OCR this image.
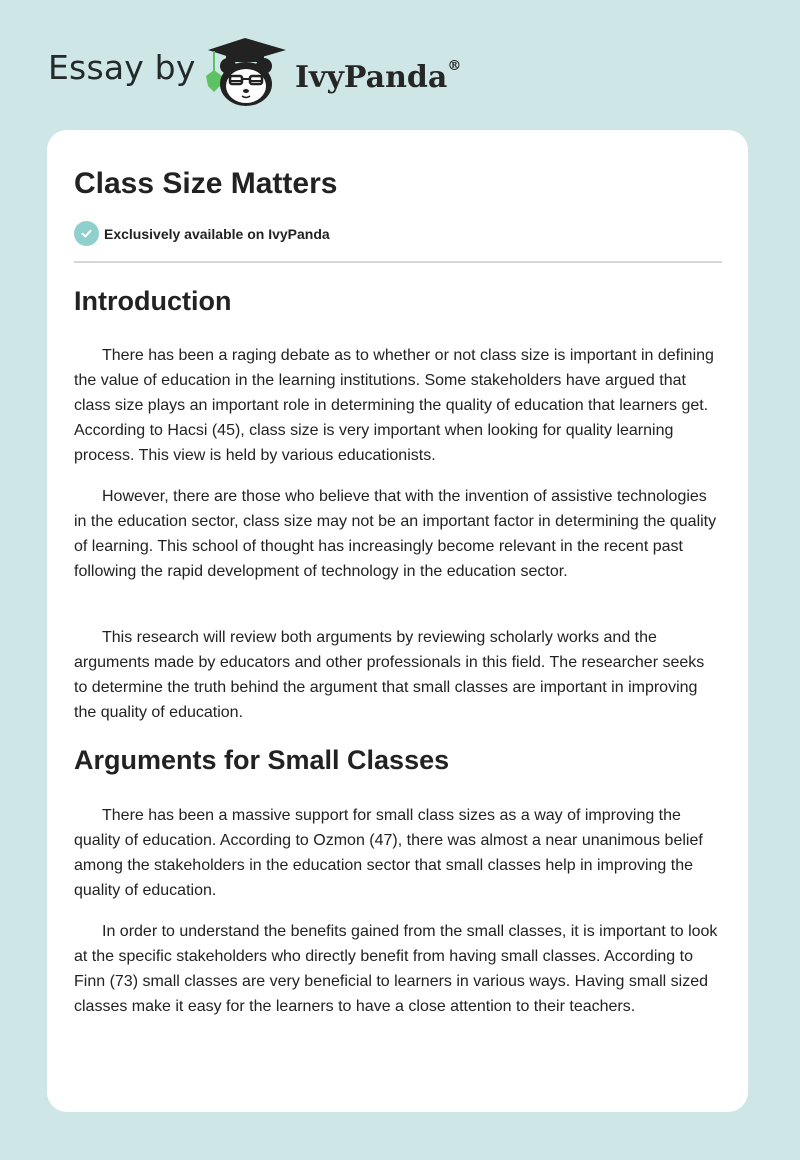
Essay by	IvyPanda®
Class Size Matters
Exclusively available on IvyPanda
Introduction

There has been a raging debate as to whether or not class size is important in defining the value of education in the learning institutions. Some stakeholders have argued that class size plays an important role in determining the quality of education that learners get. According to Hacsi (45), class size is very important when looking for quality learning process. This view is held by various educationists.

However, there are those who believe that with the invention of assistive technologies in the education sector, class size may not be an important factor in determining the quality of learning. This school of thought has increasingly become relevant in the recent past following the rapid development of technology in the education sector.

This research will review both arguments by reviewing scholarly works and the arguments made by educators and other professionals in this field. The researcher seeks to determine the truth behind the argument that small classes are important in improving the quality of education.

Arguments for Small Classes

There has been a massive support for small class sizes as a way of improving the quality of education. According to Ozmon (47), there was almost a near unanimous belief among the stakeholders in the education sector that small classes help in improving the quality of education.

In order to understand the benefits gained from the small classes, it is important to look at the specific stakeholders who directly benefit from having small classes. According to Finn (73) small classes are very beneficial to learners in various ways. Having small sized classes make it easy for the learners to have a close attention to their teachers.
